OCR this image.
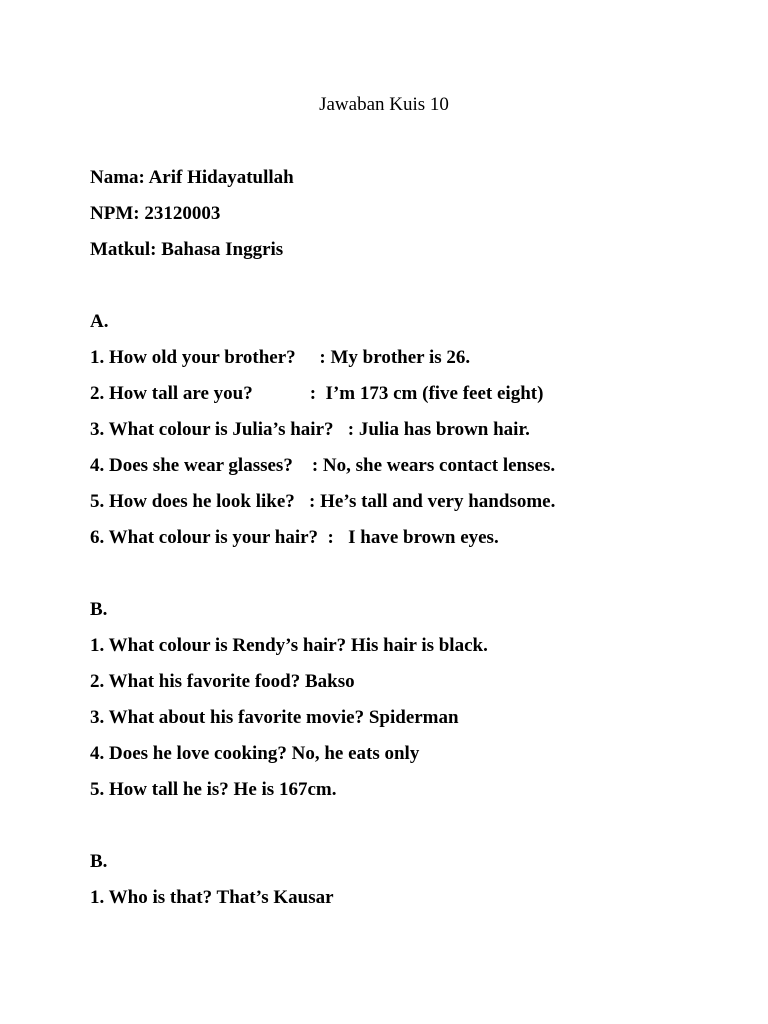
Jawaban Kuis 10
Nama: Arif Hidayatullah
NPM: 23120003
Matkul: Bahasa Inggris
A.
1. How old your brother?     : My brother is 26.
2. How tall are you?            :  I’m 173 cm (five feet eight)
3. What colour is Julia’s hair?   : Julia has brown hair.
4. Does she wear glasses?    : No, she wears contact lenses.
5. How does he look like?   : He’s tall and very handsome.
6. What colour is your hair?  :   I have brown eyes.
B.
1. What colour is Rendy’s hair? His hair is black.
2. What his favorite food? Bakso
3. What about his favorite movie? Spiderman
4. Does he love cooking? No, he eats only
5. How tall he is? He is 167cm.
B.
1. Who is that? That’s Kausar
